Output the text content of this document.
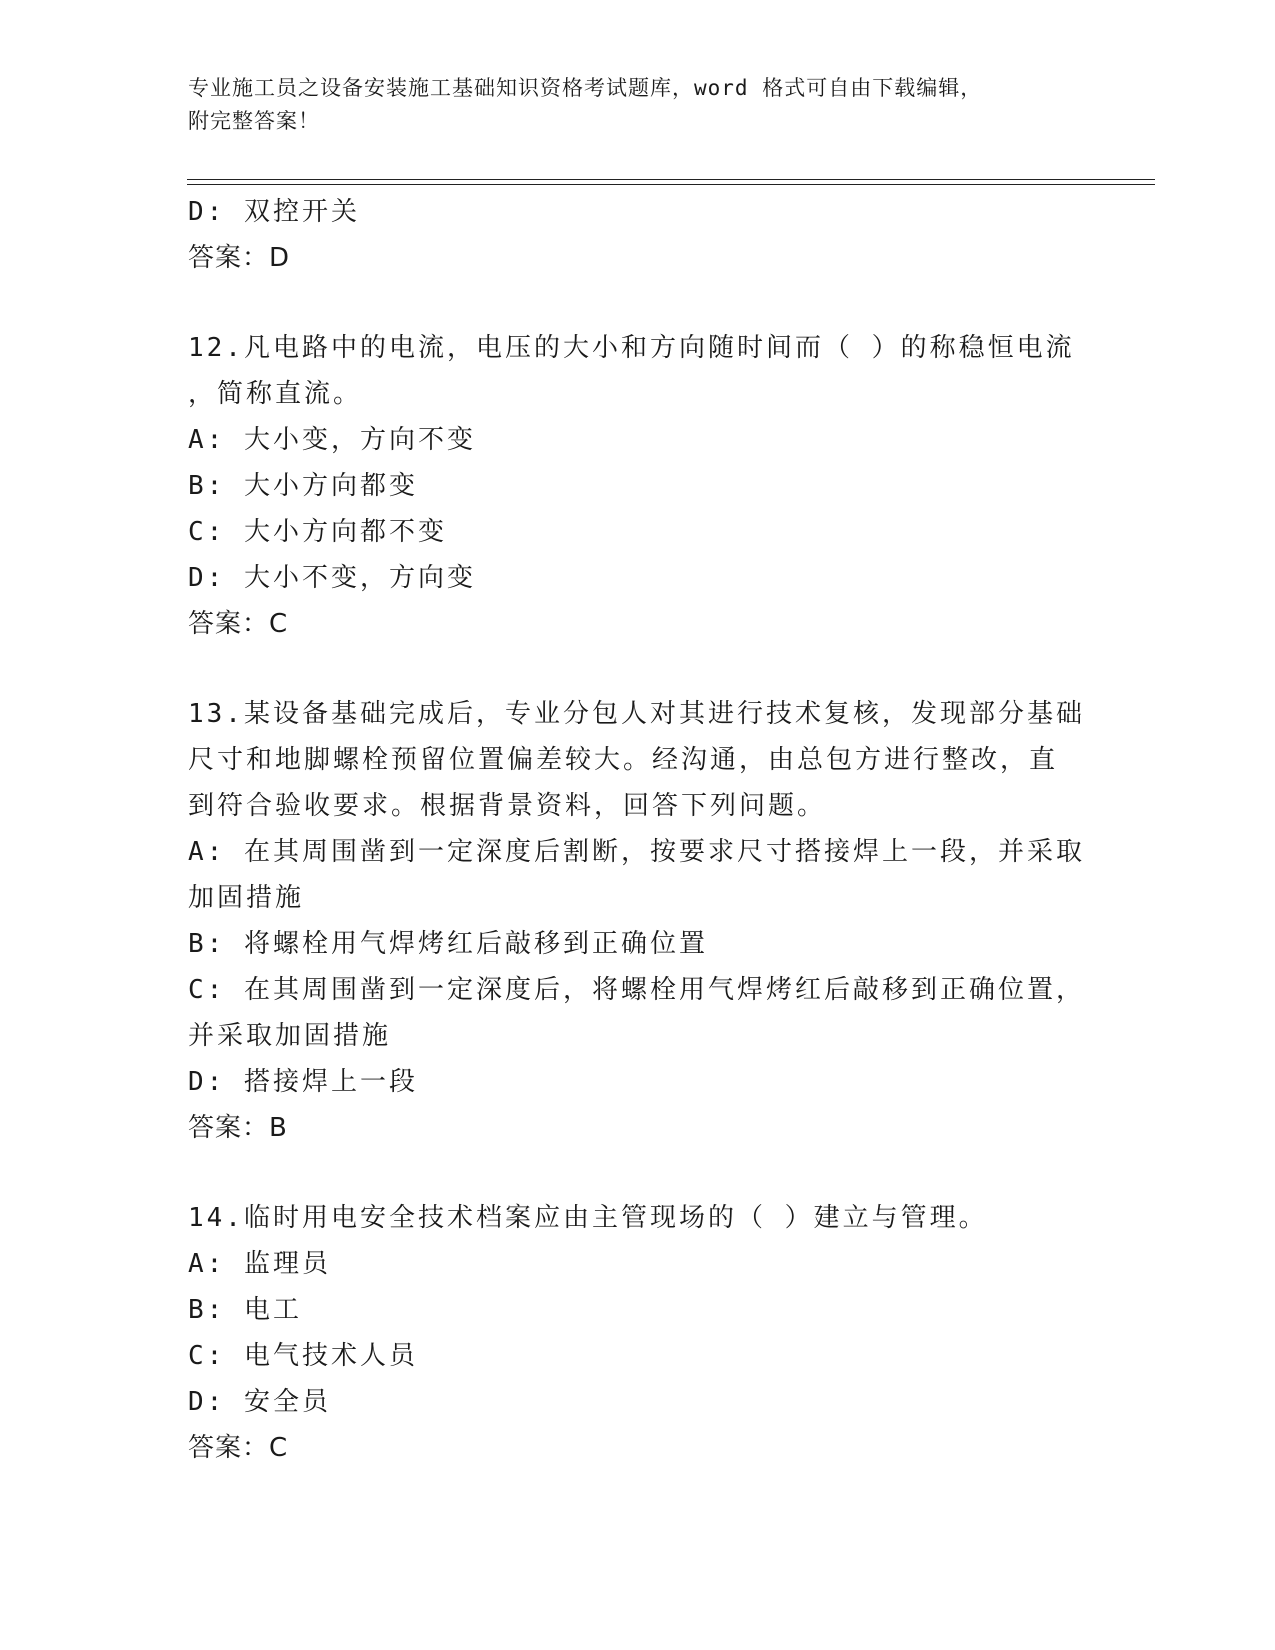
专业施工员之设备安装施工基础知识资格考试题库，word 格式可自由下载编辑，
附完整答案！
D: 双控开关
答案：D
12.凡电路中的电流，电压的大小和方向随时间而（ ）的称稳恒电流
，简称直流。
A: 大小变，方向不变
B: 大小方向都变
C: 大小方向都不变
D: 大小不变，方向变
答案：C
13.某设备基础完成后，专业分包人对其进行技术复核，发现部分基础
尺寸和地脚螺栓预留位置偏差较大。经沟通，由总包方进行整改，直
到符合验收要求。根据背景资料，回答下列问题。
A: 在其周围凿到一定深度后割断，按要求尺寸搭接焊上一段，并采取
加固措施
B: 将螺栓用气焊烤红后敲移到正确位置
C: 在其周围凿到一定深度后，将螺栓用气焊烤红后敲移到正确位置，
并采取加固措施
D: 搭接焊上一段
答案：B
14.临时用电安全技术档案应由主管现场的（ ）建立与管理。
A: 监理员
B: 电工
C: 电气技术人员
D: 安全员
答案：C
